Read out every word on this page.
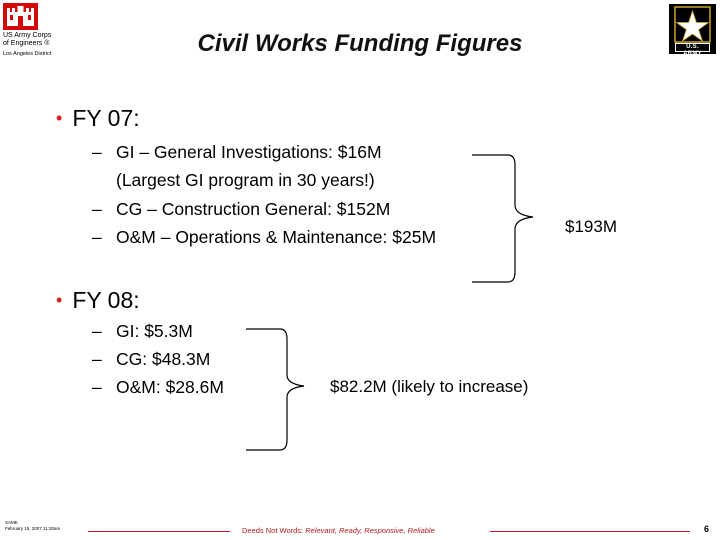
US Army Corps
of Engineers ®
Los Angeles District	Civil Works Funding Figures	U.S. ARMY
• FY 07:
– GI – General Investigations: $16M
(Largest GI program in 30 years!)
– CG – Construction General: $152M
– O&M – Operations & Maintenance: $25M
$193M
• FY 08:
– GI: $5.3M
– CG: $48.3M
– O&M: $28.6M	$82.2M (likely to increase)
SAME
February 15, 2007 11:30am	Deeds Not Words: Relevant, Ready, Responsive, Reliable	6
